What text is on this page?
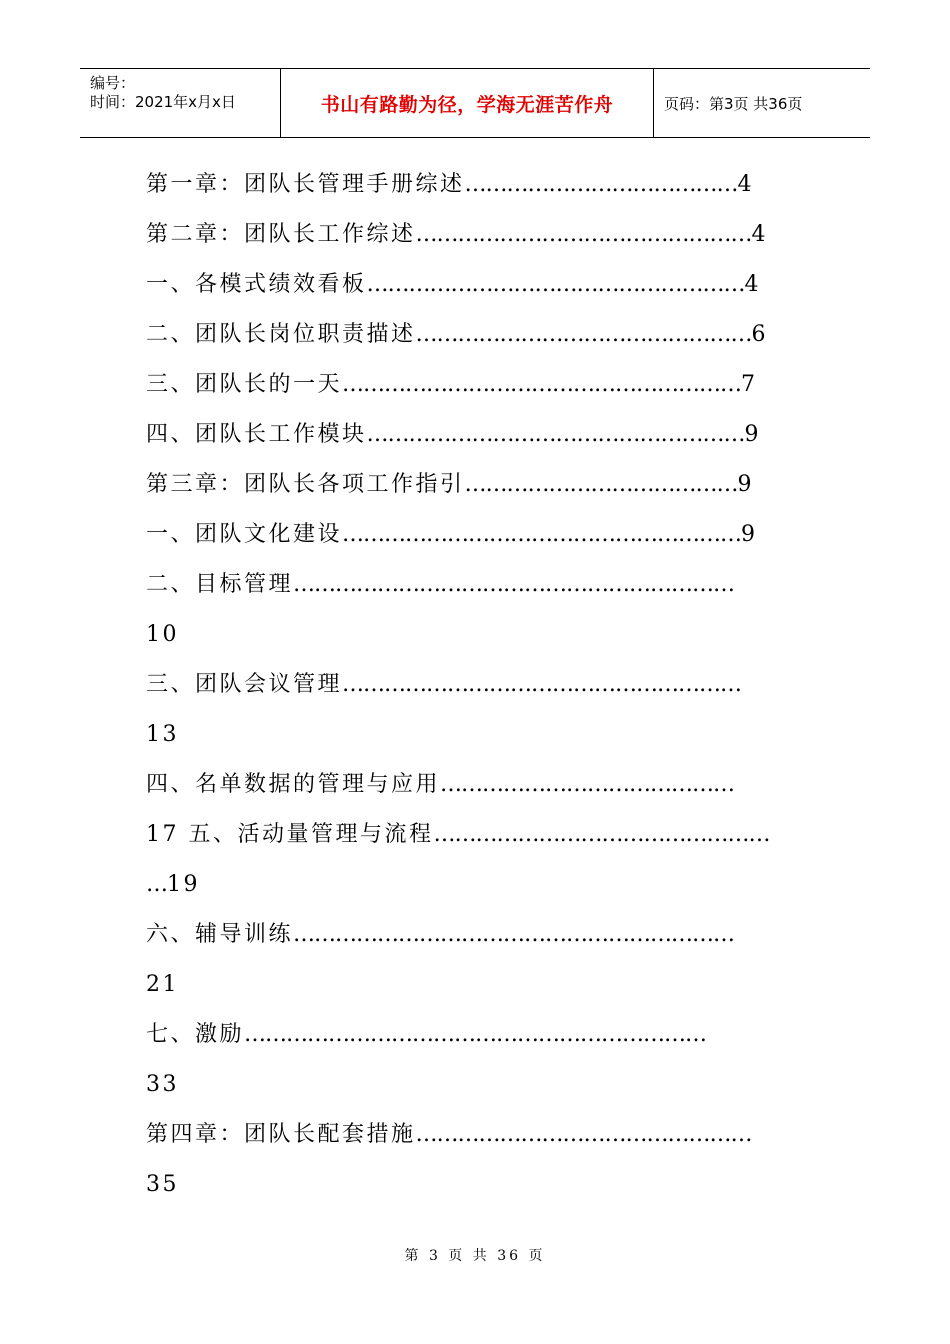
编号：
时间：2021年x月x日	书山有路勤为径，学海无涯苦作舟	页码：第3页 共36页
第一章：团队长管理手册综述…………………………………4
第二章：团队长工作综述…………………………………………4
一、各模式绩效看板………………………………………………4
二、团队长岗位职责描述…………………………………………6
三、团队长的一天…………………………………………………7
四、团队长工作模块………………………………………………9
第三章：团队长各项工作指引…………………………………9
一、团队文化建设…………………………………………………9
二、目标管理………………………………………………………
10
三、团队会议管理…………………………………………………
13
四、名单数据的管理与应用……………………………………
17 五、活动量管理与流程…………………………………………
…19
六、辅导训练………………………………………………………
21
七、激励…………………………………………………………
33
第四章：团队长配套措施…………………………………………
35
第 3 页 共 36 页
